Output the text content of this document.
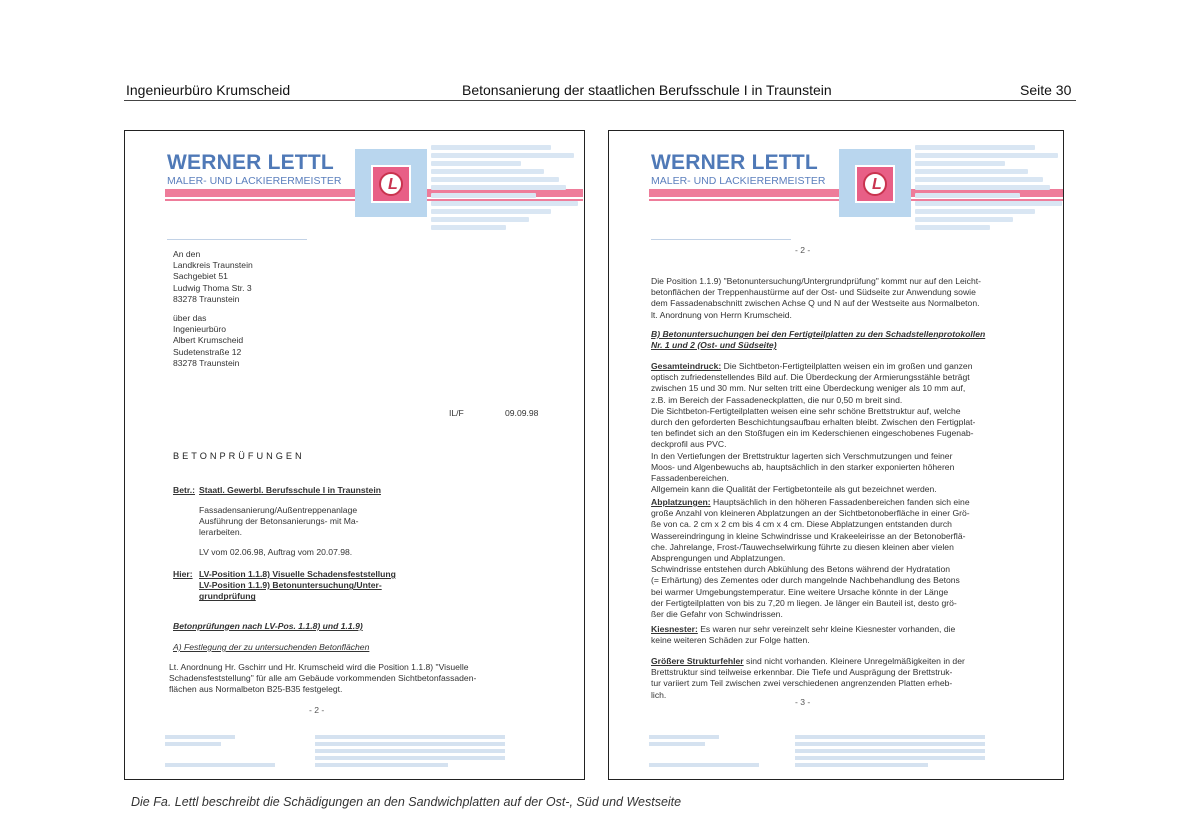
Ingenieurbüro Krumscheid	Betonsanierung der staatlichen Berufsschule I in Traunstein	Seite 30
WERNER LETTL
MALER- UND LACKIERERMEISTER	L
An den
Landkreis Traunstein
Sachgebiet 51
Ludwig Thoma Str. 3
83278 Traunstein
über das
Ingenieurbüro
Albert Krumscheid
Sudetenstraße 12
83278 Traunstein
IL/F	09.09.98
BETONPRÜFUNGEN
Betr.: Staatl. Gewerbl. Berufsschule I in Traunstein
Fassadensanierung/Außentreppenanlage
Ausführung der Betonsanierungs- mit Ma-
lerarbeiten.
LV vom 02.06.98, Auftrag vom 20.07.98.
Hier: LV-Position 1.1.8) Visuelle Schadensfeststellung
LV-Position 1.1.9) Betonuntersuchung/Unter-
grundprüfung
Betonprüfungen nach LV-Pos. 1.1.8) und 1.1.9)
A) Festlegung der zu untersuchenden Betonflächen
Lt. Anordnung Hr. Gschirr und Hr. Krumscheid wird die Position 1.1.8) "Visuelle
Schadensfeststellung" für alle am Gebäude vorkommenden Sichtbetonfassaden-
flächen aus Normalbeton B25-B35 festgelegt.
- 2 -
WERNER LETTL
MALER- UND LACKIERERMEISTER	L
- 2 -
Die Position 1.1.9) "Betonuntersuchung/Untergrundprüfung" kommt nur auf den Leicht-
betonflächen der Treppenhaustürme auf der Ost- und Südseite zur Anwendung sowie
dem Fassadenabschnitt zwischen Achse Q und N auf der Westseite aus Normalbeton.
lt. Anordnung von Herrn Krumscheid.
B) Betonuntersuchungen bei den Fertigteilplatten zu den Schadstellenprotokollen
Nr. 1 und 2 (Ost- und Südseite)
Gesamteindruck: Die Sichtbeton-Fertigteilplatten weisen ein im großen und ganzen
optisch zufriedenstellendes Bild auf. Die Überdeckung der Armierungsstähle beträgt
zwischen 15 und 30 mm. Nur selten tritt eine Überdeckung weniger als 10 mm auf,
z.B. im Bereich der Fassadeneckplatten, die nur 0,50 m breit sind.
Die Sichtbeton-Fertigteilplatten weisen eine sehr schöne Brettstruktur auf, welche
durch den geforderten Beschichtungsaufbau erhalten bleibt. Zwischen den Fertigplat-
ten befindet sich an den Stoßfugen ein im Kederschienen eingeschobenes Fugenab-
deckprofil aus PVC.
In den Vertiefungen der Brettstruktur lagerten sich Verschmutzungen und feiner
Moos- und Algenbewuchs ab, hauptsächlich in den starker exponierten höheren
Fassadenbereichen.
Allgemein kann die Qualität der Fertigbetonteile als gut bezeichnet werden.
Abplatzungen: Hauptsächlich in den höheren Fassadenbereichen fanden sich eine
große Anzahl von kleineren Abplatzungen an der Sichtbetonoberfläche in einer Grö-
ße von ca. 2 cm x 2 cm bis 4 cm x 4 cm. Diese Abplatzungen entstanden durch
Wassereindringung in kleine Schwindrisse und Krakeeleirisse an der Betonoberflä-
che. Jahrelange, Frost-/Tauwechselwirkung führte zu diesen kleinen aber vielen
Absprengungen und Abplatzungen.
Schwindrisse entstehen durch Abkühlung des Betons während der Hydratation
(= Erhärtung) des Zementes oder durch mangelnde Nachbehandlung des Betons
bei warmer Umgebungstemperatur. Eine weitere Ursache könnte in der Länge
der Fertigteilplatten von bis zu 7,20 m liegen. Je länger ein Bauteil ist, desto grö-
ßer die Gefahr von Schwindrissen.
Kiesnester: Es waren nur sehr vereinzelt sehr kleine Kiesnester vorhanden, die
keine weiteren Schäden zur Folge hatten.
Größere Strukturfehler sind nicht vorhanden. Kleinere Unregelmäßigkeiten in der
Brettstruktur sind teilweise erkennbar. Die Tiefe und Ausprägung der Brettstruk-
tur variiert zum Teil zwischen zwei verschiedenen angrenzenden Platten erheb-
lich.
- 3 -
Die Fa. Lettl beschreibt die Schädigungen an den Sandwichplatten auf der Ost-, Süd und Westseite
